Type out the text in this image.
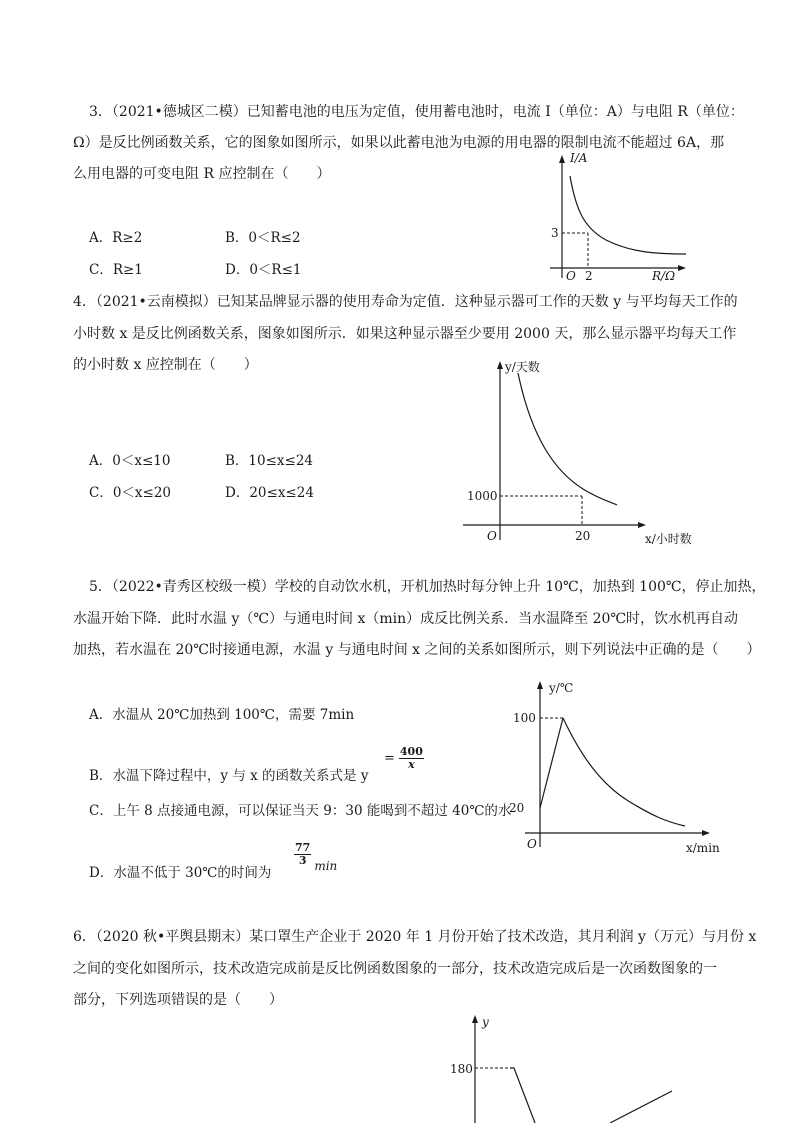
3．（2021•德城区二模）已知蓄电池的电压为定值，使用蓄电池时，电流 I（单位：A）与电阻 R（单位：
Ω）是反比例函数关系，它的图象如图所示，如果以此蓄电池为电源的用电器的限制电流不能超过 6A，那
么用电器的可变电阻 R 应控制在（　　）
A．R≥2	B．0＜R≤2
C．R≥1	D．0＜R≤1
I/A
3
O 2	R/Ω
4．（2021•云南模拟）已知某品牌显示器的使用寿命为定值．这种显示器可工作的天数 y 与平均每天工作的
小时数 x 是反比例函数关系，图象如图所示．如果这种显示器至少要用 2000 天，那么显示器平均每天工作
的小时数 x 应控制在（　　）
A．0＜x≤10	B．10≤x≤24
C．0＜x≤20	D．20≤x≤24
y/天数
1000
O	20	x/小时数
5．（2022•青秀区校级一模）学校的自动饮水机，开机加热时每分钟上升 10℃，加热到 100℃，停止加热，
水温开始下降．此时水温 y（℃）与通电时间 x（min）成反比例关系．当水温降至 20℃时，饮水机再自动
加热，若水温在 20℃时接通电源，水温 y 与通电时间 x 之间的关系如图所示，则下列说法中正确的是（　　）
A．水温从 20℃加热到 100℃，需要 7min
B．水温下降过程中，y 与 x 的函数关系式是 y
= $\frac{400}{x}$
C．上午 8 点接通电源，可以保证当天 9：30 能喝到不超过 40℃的水
D．水温不低于 30℃的时间为
$\frac{77}{3}$ min
y/℃
100
20
O	x/min
6．（2020 秋•平舆县期末）某口罩生产企业于 2020 年 1 月份开始了技术改造，其月利润 y（万元）与月份 x
之间的变化如图所示，技术改造完成前是反比例函数图象的一部分，技术改造完成后是一次函数图象的一
部分，下列选项错误的是（　　）
y
180
